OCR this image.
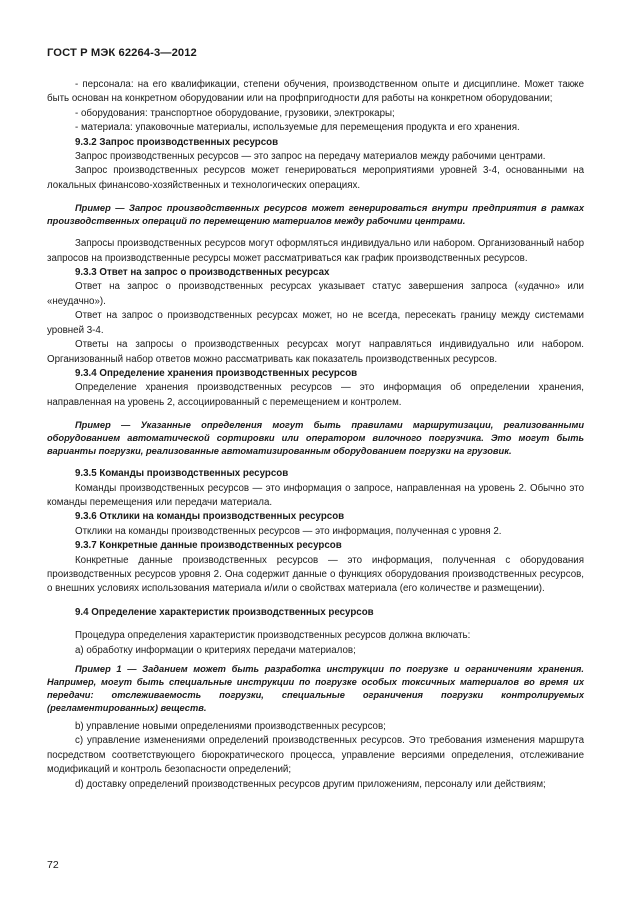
ГОСТ Р МЭК 62264-3—2012

- персонала: на его квалификации, степени обучения, производственном опыте и дисциплине. Может также быть основан на конкретном оборудовании или на профпригодности для работы на конкретном оборудовании;

- оборудования: транспортное оборудование, грузовики, электрокары;

- материала: упаковочные материалы, используемые для перемещения продукта и его хранения.

9.3.2 Запрос производственных ресурсов

Запрос производственных ресурсов — это запрос на передачу материалов между рабочими центрами.

Запрос производственных ресурсов может генерироваться мероприятиями уровней 3-4, основанными на локальных финансово-хозяйственных и технологических операциях.

Пример — Запрос производственных ресурсов может генерироваться внутри предприятия в рамках производственных операций по перемещению материалов между рабочими центрами.

Запросы производственных ресурсов могут оформляться индивидуально или набором. Организованный набор запросов на производственные ресурсы может рассматриваться как график производственных ресурсов.

9.3.3 Ответ на запрос о производственных ресурсах

Ответ на запрос о производственных ресурсах указывает статус завершения запроса («удачно» или «неудачно»).

Ответ на запрос о производственных ресурсах может, но не всегда, пересекать границу между системами уровней 3-4.

Ответы на запросы о производственных ресурсах могут направляться индивидуально или набором. Организованный набор ответов можно рассматривать как показатель производственных ресурсов.

9.3.4 Определение хранения производственных ресурсов

Определение хранения производственных ресурсов — это информация об определении хранения, направленная на уровень 2, ассоциированный с перемещением и контролем.

Пример — Указанные определения могут быть правилами маршрутизации, реализованными оборудованием автоматической сортировки или оператором вилочного погрузчика. Это могут быть варианты погрузки, реализованные автоматизированным оборудованием погрузки на грузовик.

9.3.5 Команды производственных ресурсов

Команды производственных ресурсов — это информация о запросе, направленная на уровень 2. Обычно это команды перемещения или передачи материала.

9.3.6 Отклики на команды производственных ресурсов

Отклики на команды производственных ресурсов — это информация, полученная с уровня 2.

9.3.7 Конкретные данные производственных ресурсов

Конкретные данные производственных ресурсов — это информация, полученная с оборудования производственных ресурсов уровня 2. Она содержит данные о функциях оборудования производственных ресурсов, о внешних условиях использования материала и/или о свойствах материала (его количестве и размещении).

9.4 Определение характеристик производственных ресурсов

Процедура определения характеристик производственных ресурсов должна включать:

а) обработку информации о критериях передачи материалов;

Пример 1 — Заданием может быть разработка инструкции по погрузке и ограничениям хранения. Например, могут быть специальные инструкции по погрузке особых токсичных материалов во время их передачи: отслеживаемость погрузки, специальные ограничения погрузки контролируемых (регламентированных) веществ.

b) управление новыми определениями производственных ресурсов;

c) управление изменениями определений производственных ресурсов. Это требования изменения маршрута посредством соответствующего бюрократического процесса, управление версиями определения, отслеживание модификаций и контроль безопасности определений;

d) доставку определений производственных ресурсов другим приложениям, персоналу или действиям;

72
